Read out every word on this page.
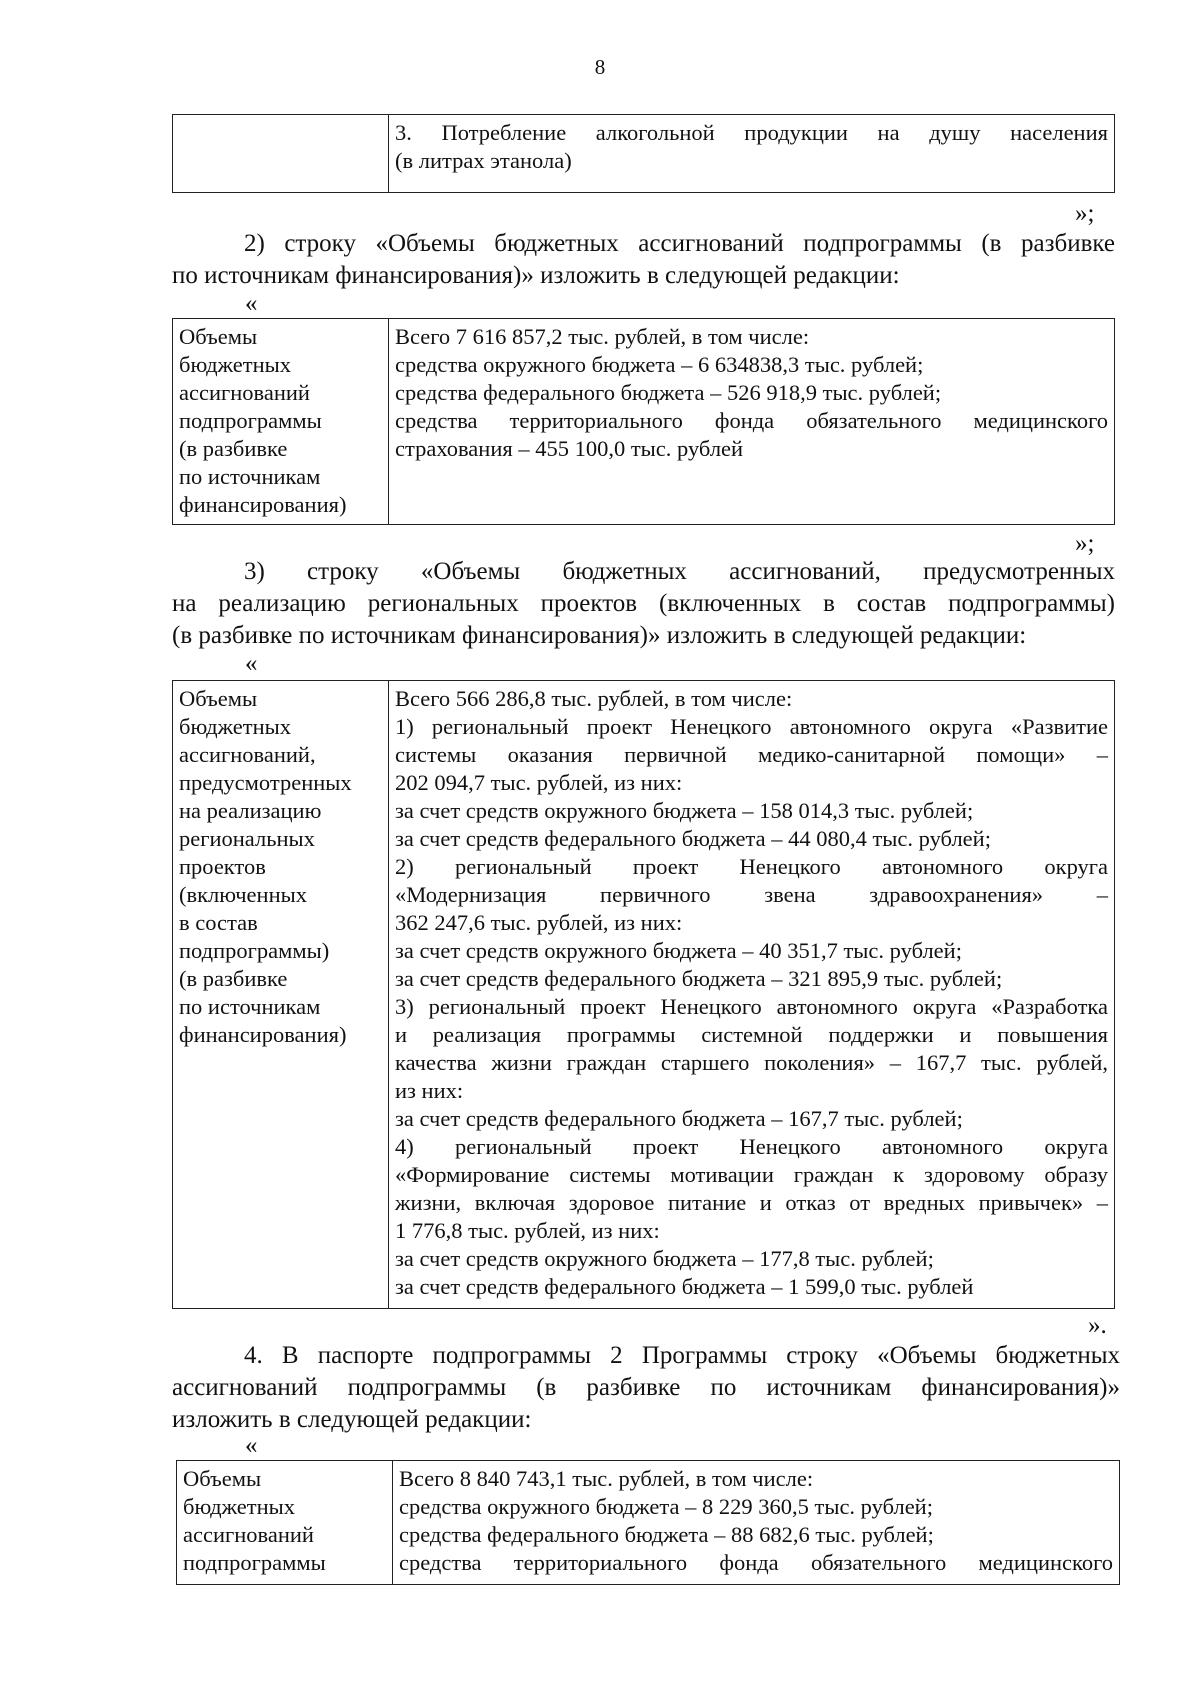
8

3. Потребление алкогольной продукции на душу населения
(в литрах этанола)
»;
2) строку «Объемы бюджетных ассигнований подпрограммы (в разбивке
по источникам финансирования)» изложить в следующей редакции:
«
Объемы
бюджетных
ассигнований
подпрограммы
(в разбивке
по источникам
финансирования)

Всего 7 616 857,2 тыс. рублей, в том числе:
средства окружного бюджета – 6 634838,3 тыс. рублей;
средства федерального бюджета – 526 918,9 тыс. рублей;
средства территориального фонда обязательного медицинского
страхования – 455 100,0 тыс. рублей
»;
3) строку «Объемы бюджетных ассигнований, предусмотренных
на реализацию региональных проектов (включенных в состав подпрограммы)
(в разбивке по источникам финансирования)» изложить в следующей редакции:
«
Объемы
бюджетных
ассигнований,
предусмотренных
на реализацию
региональных
проектов
(включенных
в состав
подпрограммы)
(в разбивке
по источникам
финансирования)

Всего 566 286,8 тыс. рублей, в том числе:
1) региональный проект Ненецкого автономного округа «Развитие
системы оказания первичной медико-санитарной помощи» –
202 094,7 тыс. рублей, из них:
за счет средств окружного бюджета – 158 014,3 тыс. рублей;
за счет средств федерального бюджета – 44 080,4 тыс. рублей;
2) региональный проект Ненецкого автономного округа
«Модернизация первичного звена здравоохранения» –
362 247,6 тыс. рублей, из них:
за счет средств окружного бюджета – 40 351,7 тыс. рублей;
за счет средств федерального бюджета – 321 895,9 тыс. рублей;
3) региональный проект Ненецкого автономного округа «Разработка
и реализация программы системной поддержки и повышения
качества жизни граждан старшего поколения» – 167,7 тыс. рублей,
из них:
за счет средств федерального бюджета – 167,7 тыс. рублей;
4) региональный проект Ненецкого автономного округа
«Формирование системы мотивации граждан к здоровому образу
жизни, включая здоровое питание и отказ от вредных привычек» –
1 776,8 тыс. рублей, из них:
за счет средств окружного бюджета – 177,8 тыс. рублей;
за счет средств федерального бюджета – 1 599,0 тыс. рублей
».
4. В паспорте подпрограммы 2 Программы строку «Объемы бюджетных
ассигнований подпрограммы (в разбивке по источникам финансирования)»
изложить в следующей редакции:
«
Объемы
бюджетных
ассигнований
подпрограммы

Всего 8 840 743,1 тыс. рублей, в том числе:
средства окружного бюджета – 8 229 360,5 тыс. рублей;
средства федерального бюджета – 88 682,6 тыс. рублей;
средства территориального фонда обязательного медицинского
